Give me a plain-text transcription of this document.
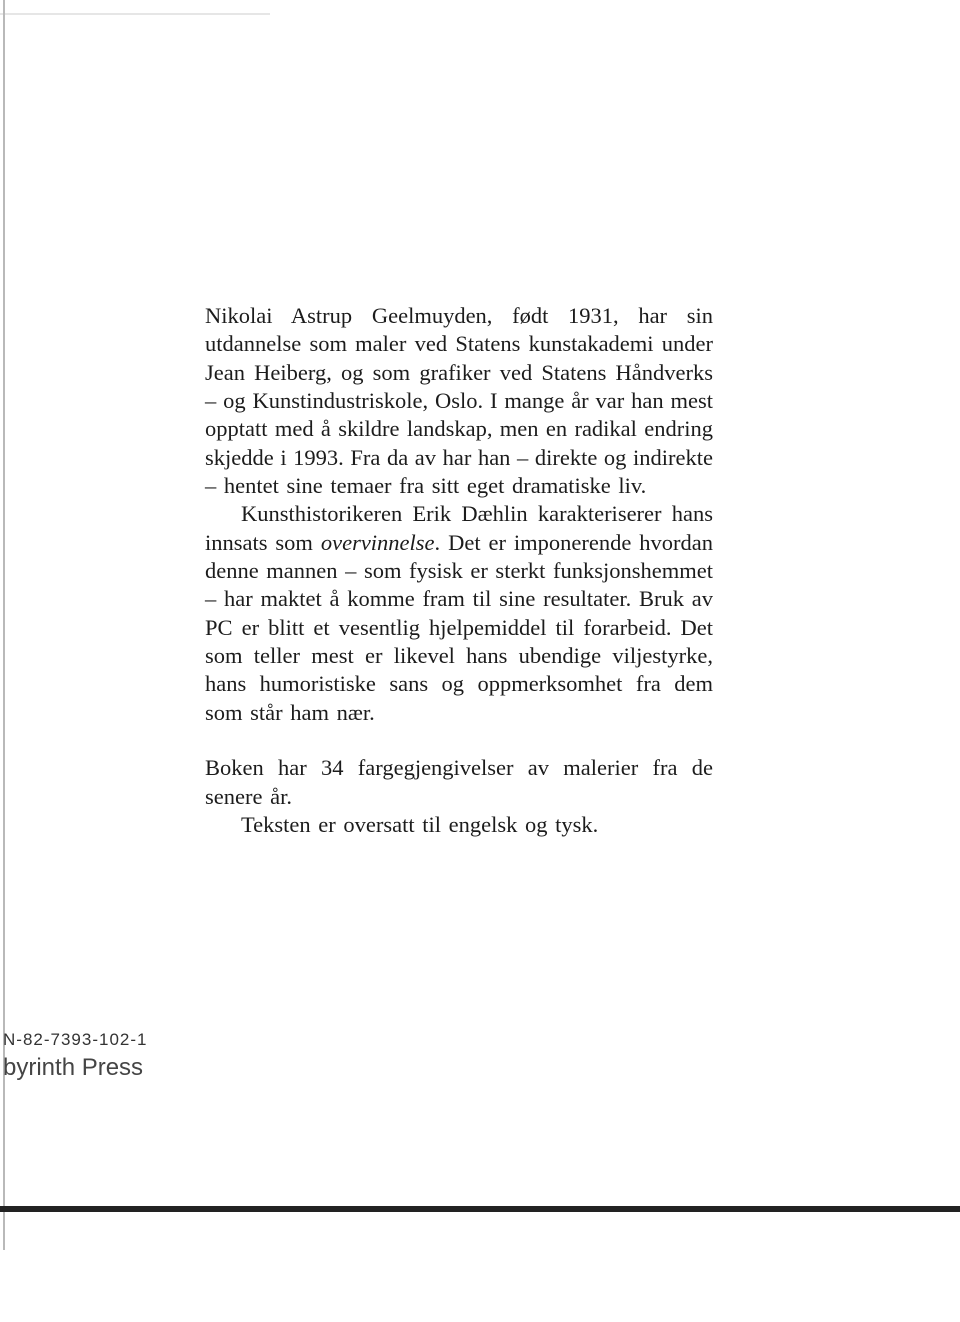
Nikolai Astrup Geelmuyden, født 1931, har sin
utdannelse som maler ved Statens kunstakademi under
Jean Heiberg, og som grafiker ved Statens Håndverks
– og Kunstindustriskole, Oslo. I mange år var han mest
opptatt med å skildre landskap, men en radikal endring
skjedde i 1993. Fra da av har han – direkte og indirekte
– hentet sine temaer fra sitt eget dramatiske liv.
Kunsthistorikeren Erik Dæhlin karakteriserer hans
innsats som overvinnelse. Det er imponerende hvordan
denne mannen – som fysisk er sterkt funksjonshemmet
– har maktet å komme fram til sine resultater. Bruk av
PC er blitt et vesentlig hjelpemiddel til forarbeid. Det
som teller mest er likevel hans ubendige viljestyrke,
hans humoristiske sans og oppmerksomhet fra dem
som står ham nær.
Boken har 34 fargegjengivelser av malerier fra de
senere år.
Teksten er oversatt til engelsk og tysk.
N-82-7393-102-1
byrinth Press
